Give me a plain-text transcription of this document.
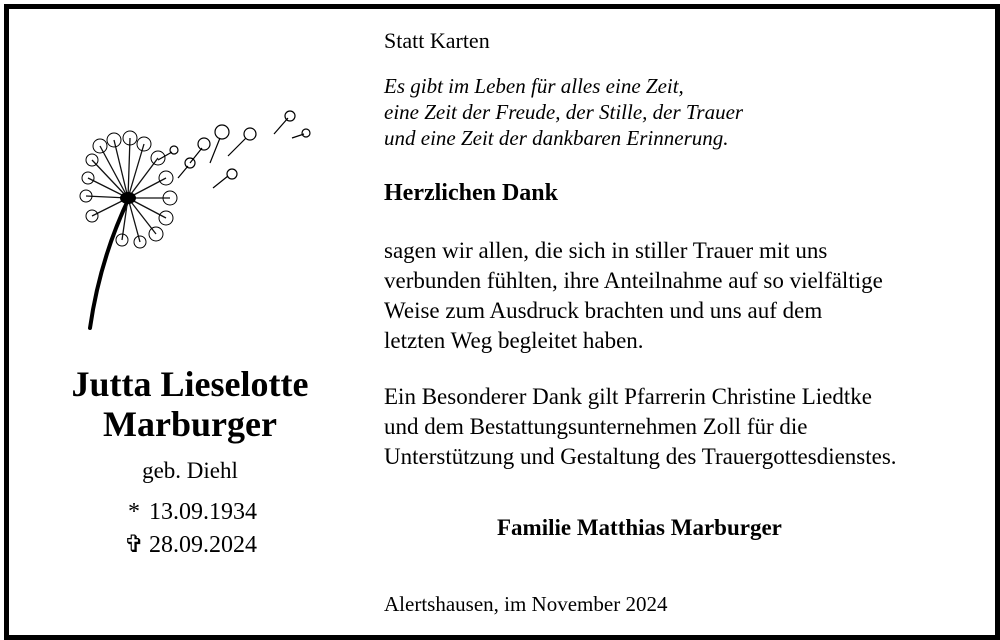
Jutta Lieselotte
Marburger
geb. Diehl
* 13.09.1934
✞ 28.09.2024
Statt Karten
Es gibt im Leben für alles eine Zeit,
eine Zeit der Freude, der Stille, der Trauer
und eine Zeit der dankbaren Erinnerung.
Herzlichen Dank
sagen wir allen, die sich in stiller Trauer mit uns
verbunden fühlten, ihre Anteilnahme auf so vielfältige
Weise zum Ausdruck brachten und uns auf dem
letzten Weg begleitet haben.
Ein Besonderer Dank gilt Pfarrerin Christine Liedtke
und dem Bestattungsunternehmen Zoll für die
Unterstützung und Gestaltung des Trauergottesdienstes.
Familie Matthias Marburger
Alertshausen, im November 2024
